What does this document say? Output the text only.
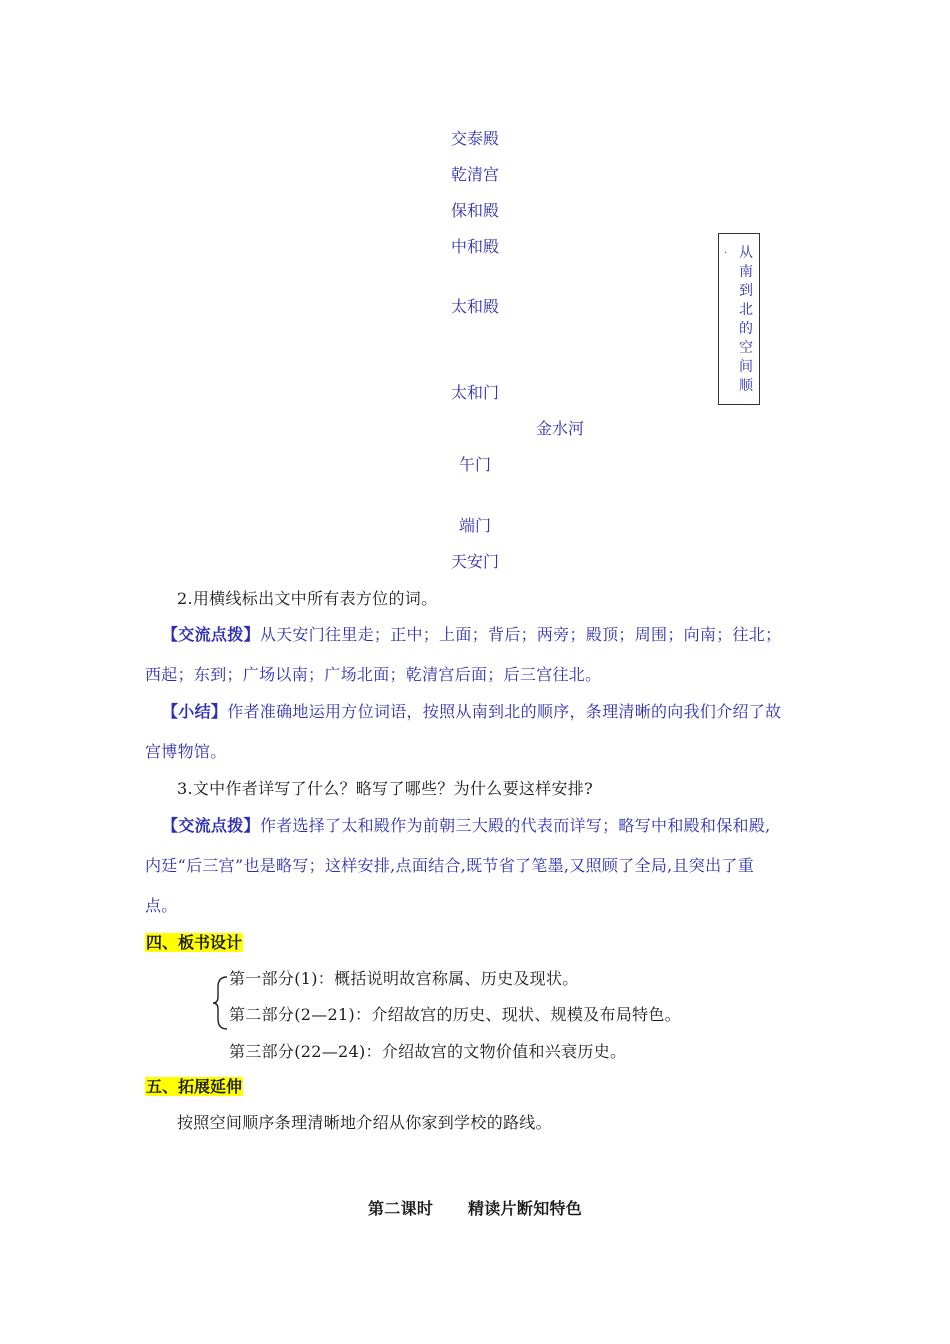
交泰殿
乾清宫
保和殿
中和殿
太和殿
太和门
金水河
午门
端门
天安门
· 从南到北的空间顺
2.用横线标出文中所有表方位的词。
【交流点拨】从天安门往里走；正中；上面；背后；两旁；殿顶；周围；向南；往北；
西起；东到；广场以南；广场北面；乾清宫后面；后三宫往北。
【小结】作者准确地运用方位词语，按照从南到北的顺序，条理清晰的向我们介绍了故
宫博物馆。
3.文中作者详写了什么？略写了哪些？为什么要这样安排?
【交流点拨】作者选择了太和殿作为前朝三大殿的代表而详写；略写中和殿和保和殿,
内廷“后三宫”也是略写；这样安排,点面结合,既节省了笔墨,又照顾了全局,且突出了重
点。
四、板书设计
第一部分(1)：概括说明故宫称属、历史及现状。
第二部分(2—21)：介绍故宫的历史、现状、规模及布局特色。
第三部分(22—24)：介绍故宫的文物价值和兴衰历史。
五、拓展延伸
按照空间顺序条理清晰地介绍从你家到学校的路线。
第二课时 精读片断知特色
